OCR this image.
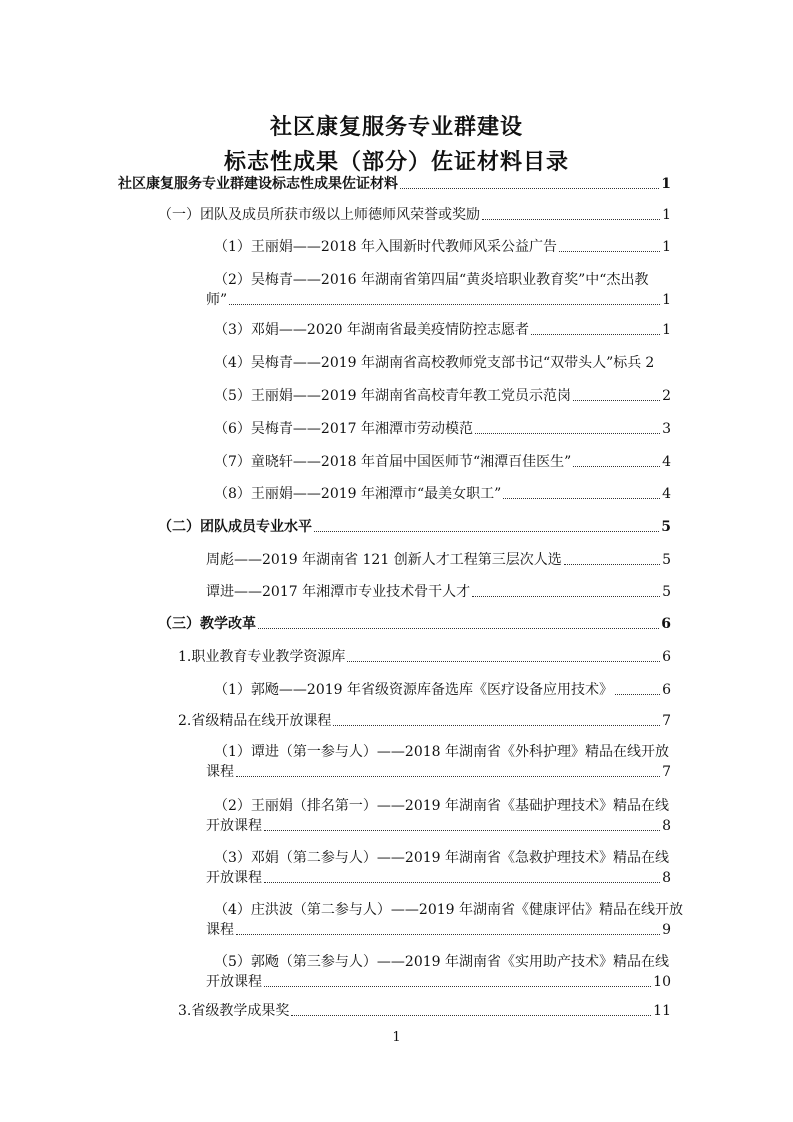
社区康复服务专业群建设
标志性成果（部分）佐证材料目录
社区康复服务专业群建设标志性成果佐证材料	1
（一）团队及成员所获市级以上师德师风荣誉或奖励	1
（1）王丽娟——2018 年入围新时代教师风采公益广告	1
（2）吴梅青——2016 年湖南省第四届“黄炎培职业教育奖”中“杰出教
师”	1
（3）邓娟——2020 年湖南省最美疫情防控志愿者	1
（4）吴梅青——2019 年湖南省高校教师党支部书记“双带头人”标兵 2
（5）王丽娟——2019 年湖南省高校青年教工党员示范岗	2
（6）吴梅青——2017 年湘潭市劳动模范	3
（7）童晓轩——2018 年首届中国医师节“湘潭百佳医生”	4
（8）王丽娟——2019 年湘潭市“最美女职工”	4
（二）团队成员专业水平	5
周彪——2019 年湖南省 121 创新人才工程第三层次人选	5
谭进——2017 年湘潭市专业技术骨干人才	5
（三）教学改革	6
1.职业教育专业教学资源库	6
（1）郭飏——2019 年省级资源库备选库《医疗设备应用技术》	6
2.省级精品在线开放课程	7
（1）谭进（第一参与人）——2018 年湖南省《外科护理》精品在线开放
课程	7
（2）王丽娟（排名第一）——2019 年湖南省《基础护理技术》精品在线
开放课程	8
（3）邓娟（第二参与人）——2019 年湖南省《急救护理技术》精品在线
开放课程	8
（4）庄洪波（第二参与人）——2019 年湖南省《健康评估》精品在线开放
课程	9
（5）郭飏（第三参与人）——2019 年湖南省《实用助产技术》精品在线
开放课程	10
3.省级教学成果奖	11
1
